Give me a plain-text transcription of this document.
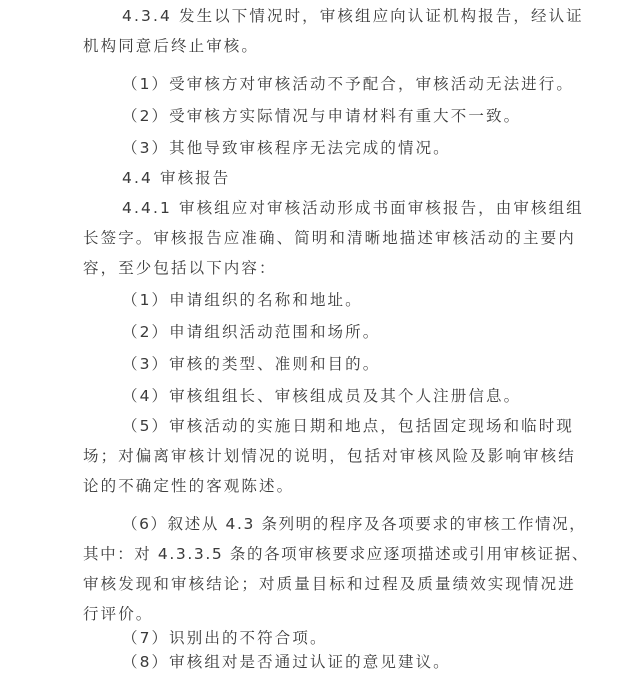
4.3.4 发生以下情况时，审核组应向认证机构报告，经认证
机构同意后终止审核。
（1）受审核方对审核活动不予配合，审核活动无法进行。
（2）受审核方实际情况与申请材料有重大不一致。
（3）其他导致审核程序无法完成的情况。
4.4 审核报告
4.4.1 审核组应对审核活动形成书面审核报告，由审核组组
长签字。审核报告应准确、简明和清晰地描述审核活动的主要内
容，至少包括以下内容：
（1）申请组织的名称和地址。
（2）申请组织活动范围和场所。
（3）审核的类型、准则和目的。
（4）审核组组长、审核组成员及其个人注册信息。
（5）审核活动的实施日期和地点，包括固定现场和临时现
场；对偏离审核计划情况的说明，包括对审核风险及影响审核结
论的不确定性的客观陈述。
（6）叙述从 4.3 条列明的程序及各项要求的审核工作情况，
其中：对 4.3.3.5 条的各项审核要求应逐项描述或引用审核证据、
审核发现和审核结论；对质量目标和过程及质量绩效实现情况进
行评价。
（7）识别出的不符合项。
（8）审核组对是否通过认证的意见建议。
